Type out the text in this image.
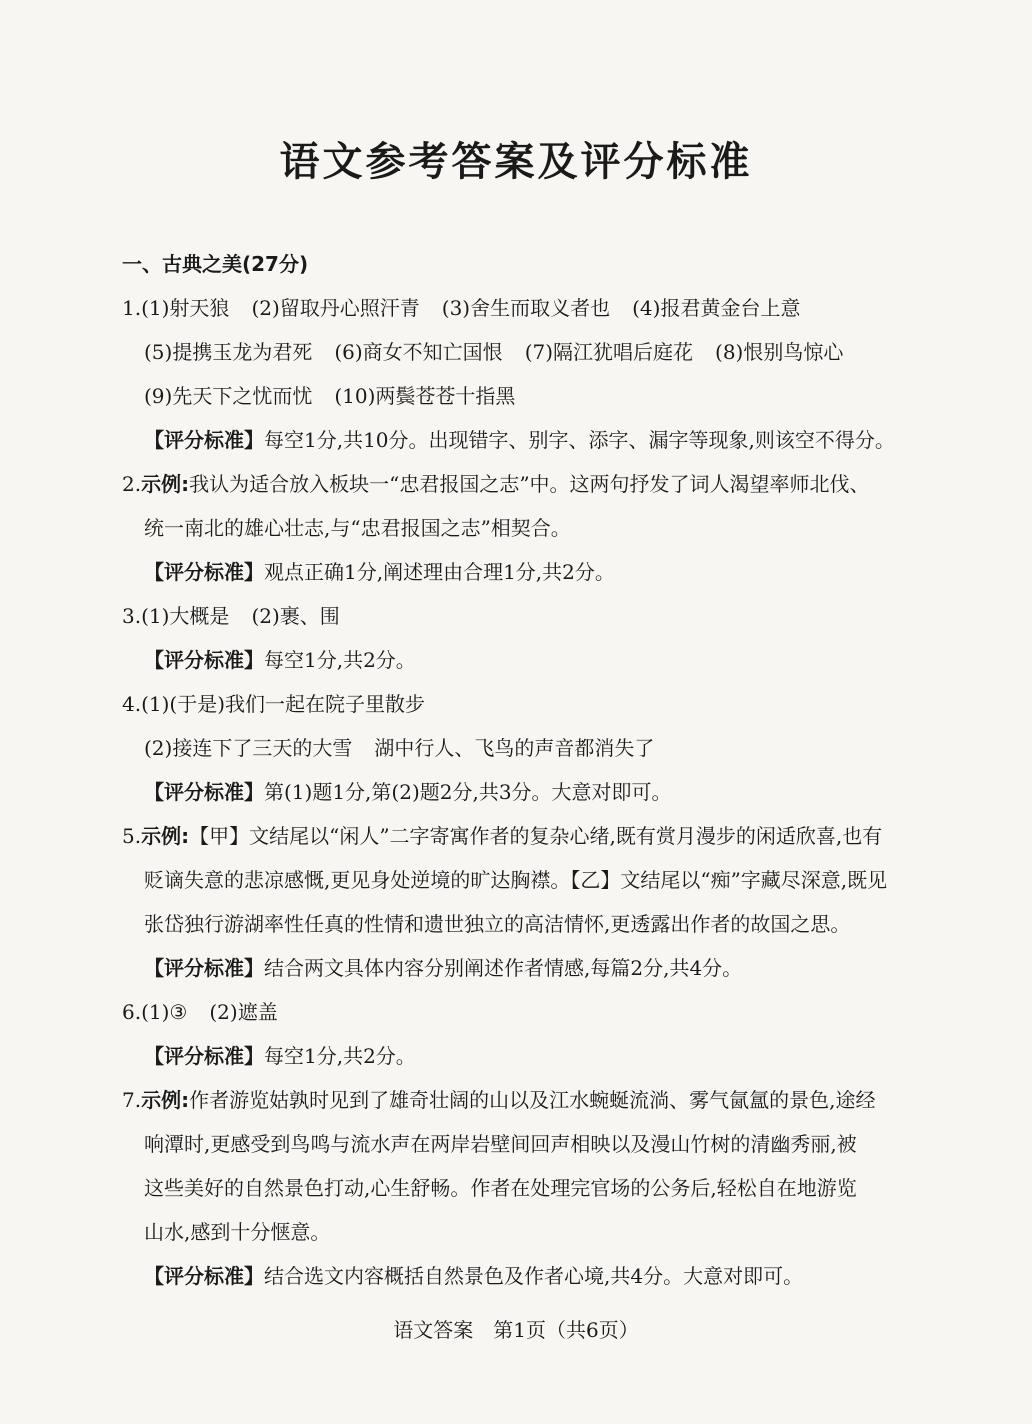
语文参考答案及评分标准
一、古典之美(27分)
1.(1)射天狼 (2)留取丹心照汗青 (3)舍生而取义者也 (4)报君黄金台上意
(5)提携玉龙为君死 (6)商女不知亡国恨 (7)隔江犹唱后庭花 (8)恨别鸟惊心
(9)先天下之忧而忧 (10)两鬓苍苍十指黑
【评分标准】每空1分,共10分。出现错字、别字、添字、漏字等现象,则该空不得分。
2.示例:我认为适合放入板块一“忠君报国之志”中。这两句抒发了词人渴望率师北伐、
统一南北的雄心壮志,与“忠君报国之志”相契合。
【评分标准】观点正确1分,阐述理由合理1分,共2分。
3.(1)大概是 (2)裹、围
【评分标准】每空1分,共2分。
4.(1)(于是)我们一起在院子里散步
(2)接连下了三天的大雪 湖中行人、飞鸟的声音都消失了
【评分标准】第(1)题1分,第(2)题2分,共3分。大意对即可。
5.示例:【甲】文结尾以“闲人”二字寄寓作者的复杂心绪,既有赏月漫步的闲适欣喜,也有
贬谪失意的悲凉感慨,更见身处逆境的旷达胸襟。【乙】文结尾以“痴”字藏尽深意,既见
张岱独行游湖率性任真的性情和遗世独立的高洁情怀,更透露出作者的故国之思。
【评分标准】结合两文具体内容分别阐述作者情感,每篇2分,共4分。
6.(1)③ (2)遮盖
【评分标准】每空1分,共2分。
7.示例:作者游览姑孰时见到了雄奇壮阔的山以及江水蜿蜒流淌、雾气氤氲的景色,途经
响潭时,更感受到鸟鸣与流水声在两岸岩壁间回声相映以及漫山竹树的清幽秀丽,被
这些美好的自然景色打动,心生舒畅。作者在处理完官场的公务后,轻松自在地游览
山水,感到十分惬意。
【评分标准】结合选文内容概括自然景色及作者心境,共4分。大意对即可。
语文答案　第1页（共6页）
